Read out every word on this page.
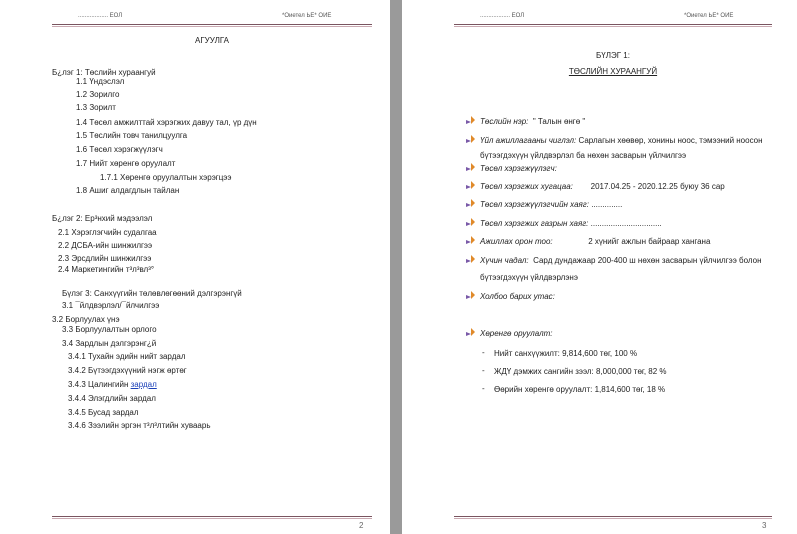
.................. ЕОЛ	*Оиетел ЬЕ* ОИЕ
АГУУЛГА
Б¿лэг 1: Төслийн хураангуй
1.1 Үндэслэл
1.2 Зорилго
1.3 Зорилт
1.4 Төсөл амжилттай хэрэгжих давуу тал, үр дүн
1.5 Төслийн товч танилцуулга
1.6 Төсөл хэрэгжүүлэгч
1.7 Нийт хөренгө оруулалт
1.7.1 Хөренгө оруулалтын хэрэгцээ
1.8 Ашиг алдагдлын тайлан
Б¿лэг 2: Ер³нхий мэдээлэл
2.1 Хэрэглэгчийн судалгаа
2.2 ДСБА-ийн шинжилгээ
2.3 Эрсдлийн шинжилгээ
2.4 Маркетингийн т³л³вл³°
Бүлэг 3: Санхүүгийн төлөвлөгөөний дэлгэрэнгүй
3.1 ¯йлдвэрлэл/¯йлчилгээ
3.2 Борлуулах үнэ
3.3 Борлуулалтын орлого
3.4 Зардлын дэлгэрэнг¿й
3.4.1 Тухайн эдийн нийт зардал
3.4.2 Бүтээгдэхүүний нэгж өртөг
3.4.3 Цалингийн зардал
3.4.4 Элэгдлийн зардал
3.4.5 Бусад зардал
3.4.6 Зээлийн эргэн т³л³лтийн хуваарь
2
.................. ЕОЛ	*Оиетел ЬЕ* ОИЕ
БҮЛЭГ 1:
ТӨСЛИЙН ХУРААНГУЙ
Төслийн нэр: " Талын өнгө "
Үйл ажиллагааны чиглэл: Сарлагын хөөвөр, хонины ноос, тэмээний ноосон
бүтээгдэхүүн үйлдвэрлэл ба нөхөн засварын үйлчилгээ
Төсөл хэрэгжүүлэгч:
Төсөл хэрэгжих хугацаа: 2017.04.25 - 2020.12.25 буюу 36 сар
Төсөл хэрэгжүүлэгчийн хаяг: ..............
Төсөл хэрэгжих газрын хаяг: ................................
Ажиллах орон тоо:	2 хүнийг ажлын байраар хангана
Хүчин чадал: Сард дундажаар 200-400 ш нөхөн засварын үйлчилгээ болон
бүтээгдэхүүн үйлдвэрлэнэ
Холбоо барих утас:
Хөренгө оруулалт:
- Нийт санхүүжилт: 9,814,600 төг, 100 %
- ЖДҮ дэмжих сангийн зээл: 8,000,000 төг, 82 %
- Өөрийн хөренгө оруулалт: 1,814,600 төг, 18 %
3
